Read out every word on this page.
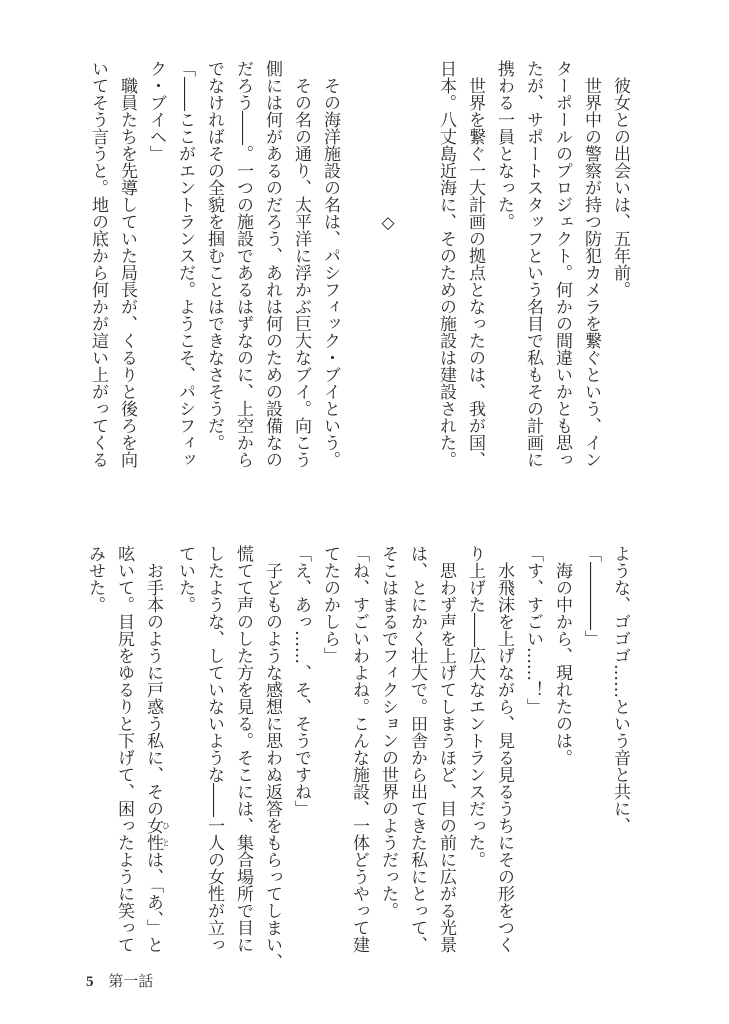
　彼女との出会いは、五年前。
　世界中の警察が持つ防犯カメラを繋ぐという、イン
ターポールのプロジェクト。何かの間違いかとも思っ
たが、サポートスタッフという名目で私もその計画に
携わる一員となった。
　世界を繋ぐ一大計画の拠点となったのは、我が国、
日本。八丈島近海に、そのための施設は建設された。
　　　　　　　　　◇
　その海洋施設の名は、パシフィック・ブイという。
　その名の通り、太平洋に浮かぶ巨大なブイ。向こう
側には何があるのだろう、あれは何のための設備なの
だろう――。一つの施設であるはずなのに、上空から
でなければその全貌を掴むことはできなさそうだ。
「――ここがエントランスだ。ようこそ、パシフィッ
ク・ブイへ」
　職員たちを先導していた局長が、くるりと後ろを向
いてそう言うと。地の底から何かが這い上がってくる
ような、ゴゴゴ……という音と共に、
「――――」
　海の中から、現れたのは。
「す、すごい……！」
　水飛沫を上げながら、見る見るうちにその形をつく
り上げた――広大なエントランスだった。
　思わず声を上げてしまうほど、目の前に広がる光景
は、とにかく壮大で。田舎から出てきた私にとって、
そこはまるでフィクションの世界のようだった。
「ね、すごいわよね。こんな施設、一体どうやって建
てたのかしら」
「え、あっ……、そ、そうですね」
　子どものような感想に思わぬ返答をもらってしまい、
慌てて声のした方を見る。そこには、集合場所で目に
したような、していないような――一人の女性が立っ
ていた。
　お手本のように戸惑う私に、その女性ひとは、「あ、」と
呟いて。目尻をゆるりと下げて、困ったように笑って
みせた。
5 第一話
